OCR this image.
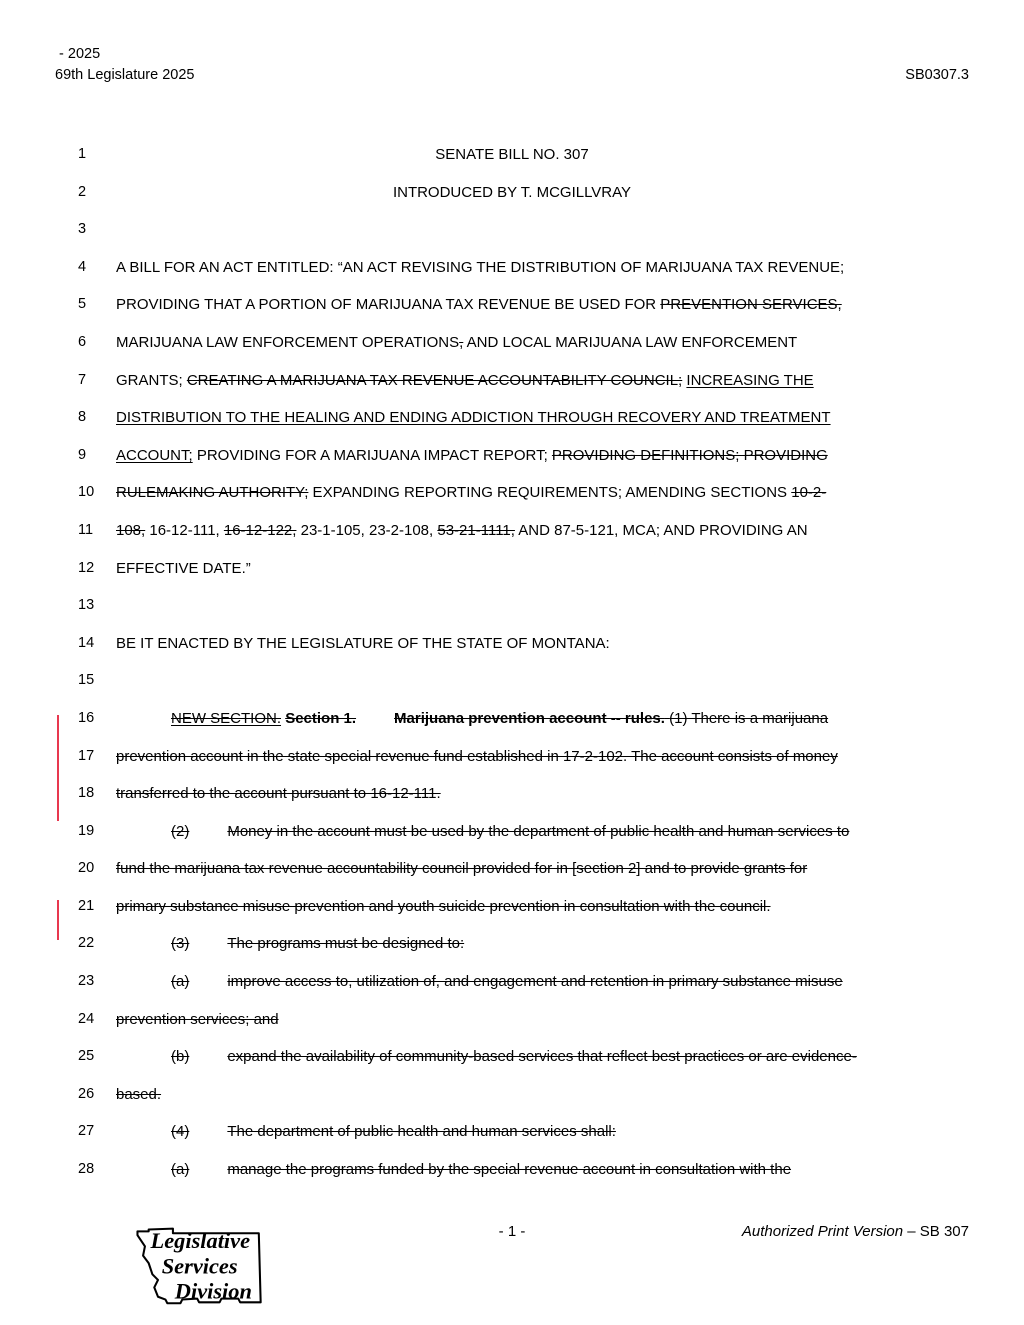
- 2025
69th Legislature 2025	SB0307.3
1	SENATE BILL NO. 307
2	INTRODUCED BY T. MCGILLVRAY
3
4	A BILL FOR AN ACT ENTITLED: “AN ACT REVISING THE DISTRIBUTION OF MARIJUANA TAX REVENUE;
5	PROVIDING THAT A PORTION OF MARIJUANA TAX REVENUE BE USED FOR PREVENTION SERVICES,
6	MARIJUANA LAW ENFORCEMENT OPERATIONS, AND LOCAL MARIJUANA LAW ENFORCEMENT
7	GRANTS; CREATING A MARIJUANA TAX REVENUE ACCOUNTABILITY COUNCIL; INCREASING THE
8	DISTRIBUTION TO THE HEALING AND ENDING ADDICTION THROUGH RECOVERY AND TREATMENT
9	ACCOUNT; PROVIDING FOR A MARIJUANA IMPACT REPORT; PROVIDING DEFINITIONS; PROVIDING
10	RULEMAKING AUTHORITY; EXPANDING REPORTING REQUIREMENTS; AMENDING SECTIONS 10-2-
11	108, 16-12-111, 16-12-122, 23-1-105, 23-2-108, 53-21-1111, AND 87-5-121, MCA; AND PROVIDING AN
12	EFFECTIVE DATE.”
13
14	BE IT ENACTED BY THE LEGISLATURE OF THE STATE OF MONTANA:
15
16	NEW SECTION. Section 1.	Marijuana prevention account -- rules. (1) There is a marijuana
17	prevention account in the state special revenue fund established in 17-2-102. The account consists of money
18	transferred to the account pursuant to 16-12-111.
19	(2)	Money in the account must be used by the department of public health and human services to
20	fund the marijuana tax revenue accountability council provided for in [section 2] and to provide grants for
21	primary substance misuse prevention and youth suicide prevention in consultation with the council.
22	(3)	The programs must be designed to:
23	(a)	improve access to, utilization of, and engagement and retention in primary substance misuse
24	prevention services; and
25	(b)	expand the availability of community-based services that reflect best practices or are evidence-
26	based.
27	(4)	The department of public health and human services shall:
28	(a)	manage the programs funded by the special revenue account in consultation with the
Legislative
Services
Division
- 1 -	Authorized Print Version – SB 307
